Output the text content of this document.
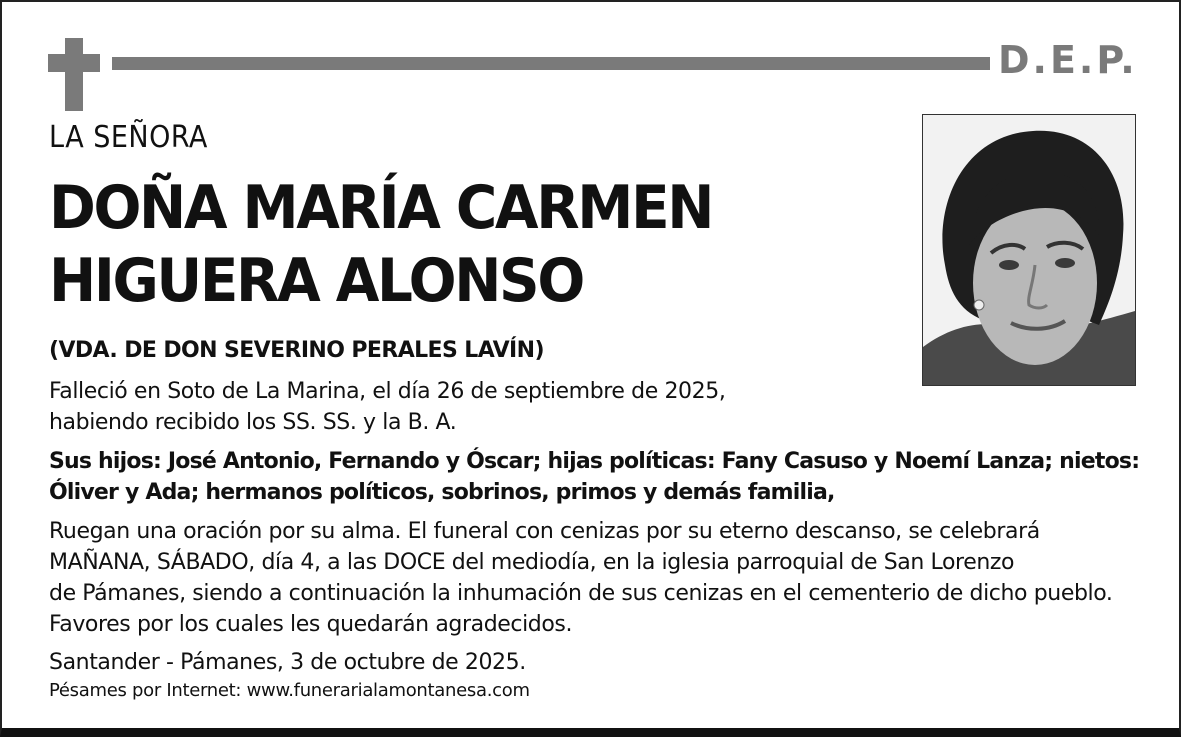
D.E.P.
LA SEÑORA
DOÑA MARÍA CARMEN
HIGUERA ALONSO
(VDA. DE DON SEVERINO PERALES LAVÍN)
Falleció en Soto de La Marina, el día 26 de septiembre de 2025,
habiendo recibido los SS. SS. y la B. A.
Sus hijos: José Antonio, Fernando y Óscar; hijas políticas: Fany Casuso y Noemí Lanza; nietos:
Óliver y Ada; hermanos políticos, sobrinos, primos y demás familia,
Ruegan una oración por su alma. El funeral con cenizas por su eterno descanso, se celebrará
MAÑANA, SÁBADO, día 4, a las DOCE del mediodía, en la iglesia parroquial de San Lorenzo
de Pámanes, siendo a continuación la inhumación de sus cenizas en el cementerio de dicho pueblo.
Favores por los cuales les quedarán agradecidos.
Santander - Pámanes, 3 de octubre de 2025.
Pésames por Internet: www.funerarialamontanesa.com
